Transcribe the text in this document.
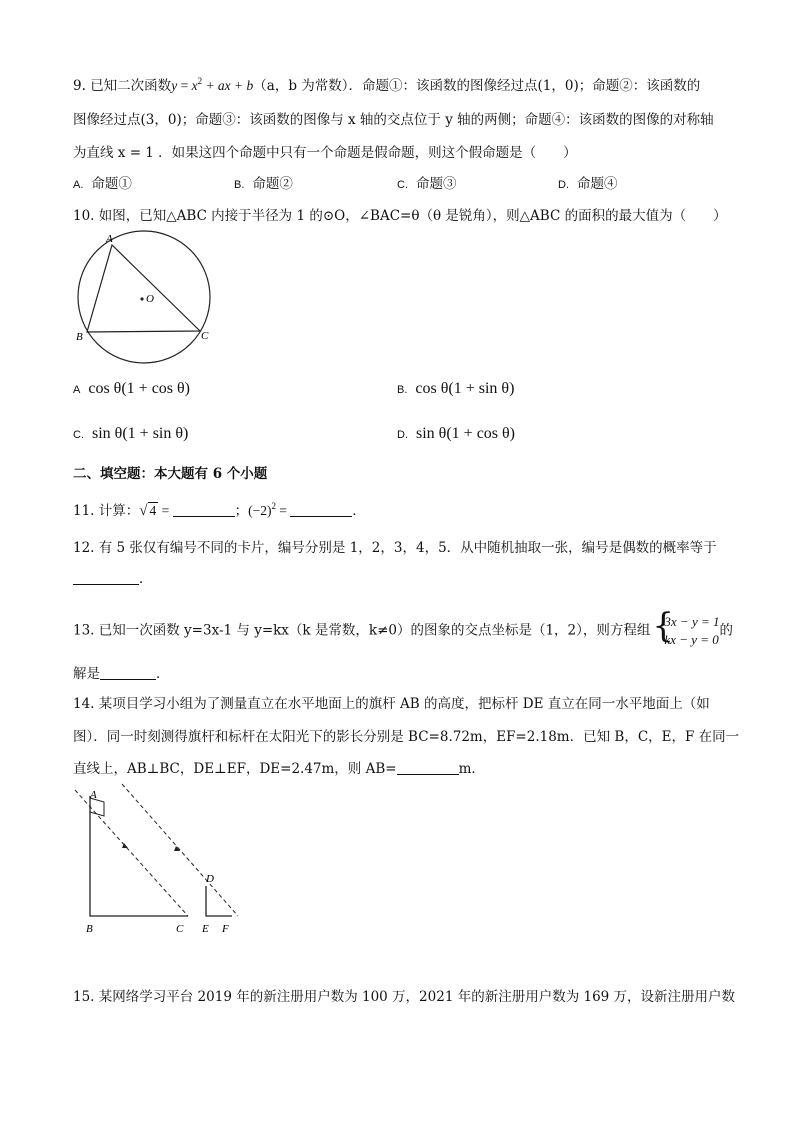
9. 已知二次函数$y = x^2$ + ax + b（a，b 为常数）．命题①：该函数的图像经过点(1，0)；命题②：该函数的
图像经过点(3，0)；命题③：该函数的图像与 x 轴的交点位于 y 轴的两侧；命题④：该函数的图像的对称轴
为直线 x = 1 ．如果这四个命题中只有一个命题是假命题，则这个假命题是（　　）
A. 命题①	B. 命题②	C. 命题③	D. 命题④
10. 如图，已知△ABC 内接于半径为 1 的⊙O，∠BAC=θ（θ 是锐角），则△ABC 的面积的最大值为（　　）
A
B	C
O
A cos θ(1 + cos θ)	B. cos θ(1 + sin θ)
C. sin θ(1 + sin θ)	D. sin θ(1 + cos θ)
二、填空题：本大题有 6 个小题
11. 计算：√ 4 =	；$(-2)^2$ =	．
12. 有 5 张仅有编号不同的卡片，编号分别是 1，2，3，4，5．从中随机抽取一张，编号是偶数的概率等于
．
13. 已知一次函数 y=3x-1 与 y=kx（k 是常数，k≠0）的图象的交点坐标是（1，2），则方程组 {
3x − y = 1
kx − y = 0
的
解是	．
14. 某项目学习小组为了测量直立在水平地面上的旗杆 AB 的高度，把标杆 DE 直立在同一水平地面上（如
图）．同一时刻测得旗杆和标杆在太阳光下的影长分别是 BC=8.72m，EF=2.18m．已知 B，C，E，F 在同一
直线上，AB⊥BC，DE⊥EF，DE=2.47m，则 AB=	m．
A
B	C
D
E F
15. 某网络学习平台 2019 年的新注册用户数为 100 万，2021 年的新注册用户数为 169 万，设新注册用户数
